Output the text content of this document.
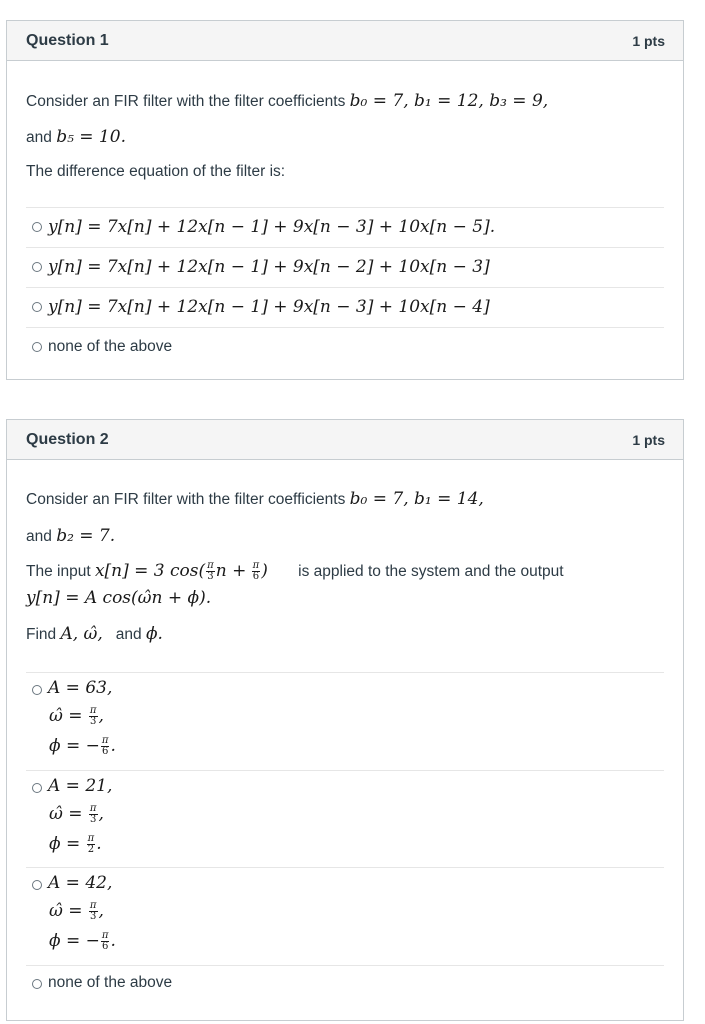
Question 1	1 pts
Consider an FIR filter with the filter coefficients b₀ = 7, b₁ = 12, b₃ = 9,
and b₅ = 10.
The difference equation of the filter is:
y[n] = 7x[n] + 12x[n − 1] + 9x[n − 3] + 10x[n − 5].
y[n] = 7x[n] + 12x[n − 1] + 9x[n − 2] + 10x[n − 3]
y[n] = 7x[n] + 12x[n − 1] + 9x[n − 3] + 10x[n − 4]
none of the above
Question 2	1 pts
Consider an FIR filter with the filter coefficients b₀ = 7, b₁ = 14,
and b₂ = 7.
The input x[n] = 3 $\cos( \frac{\pi}{3}$ $n + \frac{\pi}{6}$ ) is applied to the system and the output
y[n] = A cos(ω̂n + ϕ).
Find A, ω̂, and ϕ.
A = 63,
ω̂ = $\frac{\pi}{3}$ ,
ϕ = − $\frac{\pi}{6}$ .
A = 21,
ω̂ = $\frac{\pi}{3}$ ,
$\phi = \frac{\pi}{2}$ .
A = 42,
ω̂ = $\frac{\pi}{3}$ ,
ϕ = − $\frac{\pi}{6}$ .
none of the above
